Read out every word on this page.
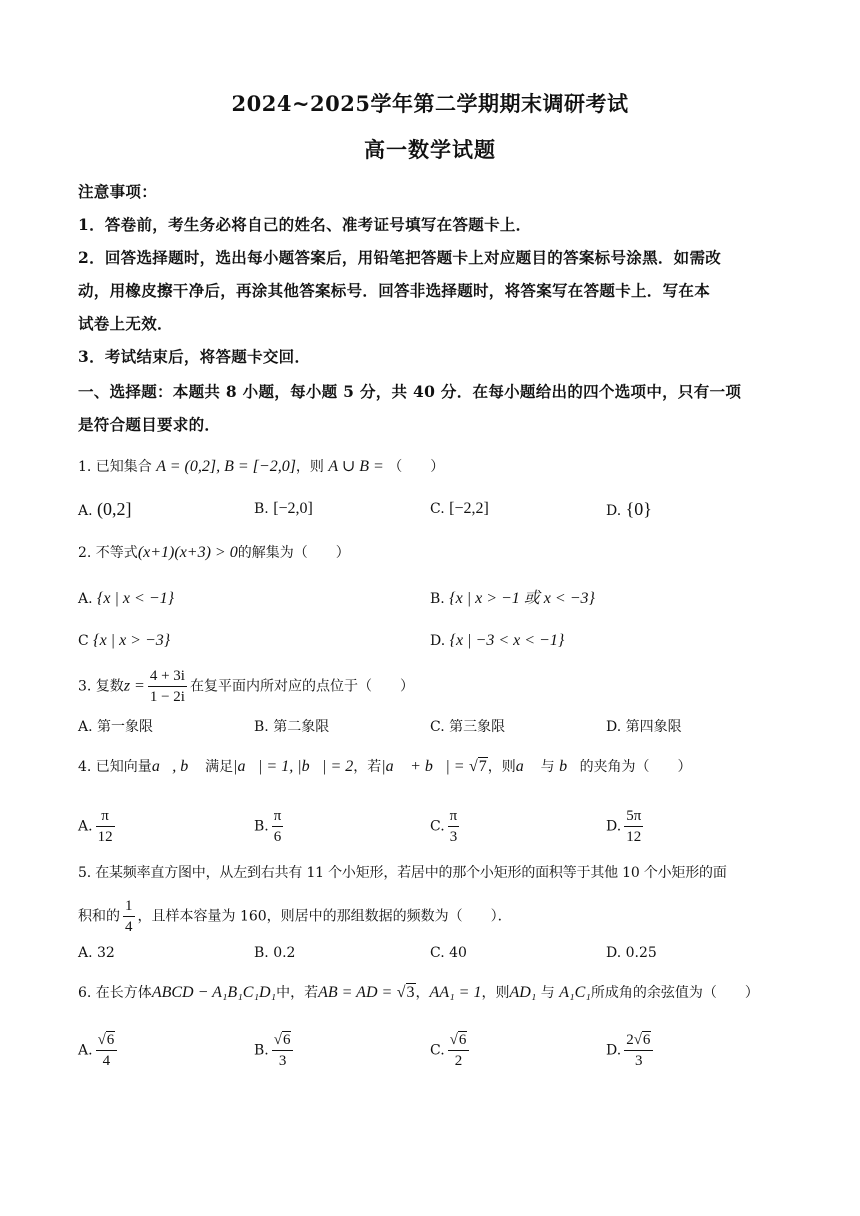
2024~2025学年第二学期期末调研考试
高一数学试题
注意事项：
1．答卷前，考生务必将自己的姓名、准考证号填写在答题卡上．
2．回答选择题时，选出每小题答案后，用铅笔把答题卡上对应题目的答案标号涂黑．如需改
动，用橡皮擦干净后，再涂其他答案标号．回答非选择题时，将答案写在答题卡上．写在本
试卷上无效．
3．考试结束后，将答题卡交回．
一、选择题：本题共 8 小题，每小题 5 分，共 40 分．在每小题给出的四个选项中，只有一项
是符合题目要求的．
1. 已知集合 A = (0,2], B = [−2,0]，则 A ∪ B = （　　）
A. (0,2]	B. [−2,0]	C. [−2,2]	D. {0}
2. 不等式(x+1)(x+3) > 0的解集为（　　）
A. {x | x < −1}	B. {x | x > −1 或 x < −3}
C {x | x > −3}	D. {x | −3 < x < −1}
3. 复数$z = \frac{4 + 3i}{1 - 2i}$ 在复平面内所对应的点位于（　　）
A. 第一象限	B. 第二象限	C. 第三象限	D. 第四象限
4. 已知向量a⃗, b⃗ 满足|a⃗| = 1, |b⃗| = 2，若|a⃗ + b⃗| = √7，则a⃗ 与 b⃗的夹角为（　　）
A. $\frac{\pi}{12}$	B. $\frac{\pi}{6}$	C. $\frac{\pi}{3}$	D. $\frac{5\pi}{12}$
5. 在某频率直方图中，从左到右共有 11 个小矩形，若居中的那个小矩形的面积等于其他 10 个小矩形的面
积和的 $\frac{1}{4}$ ，且样本容量为 160，则居中的那组数据的频数为（　　）．
A. 32	B. 0.2	C. 40	D. 0.25
6. 在长方体ABCD − A₁B₁C₁D₁中，若AB = AD = √3，AA₁ = 1，则AD₁ 与 A₁C₁所成角的余弦值为（　　）
A. $\frac{√6}{4}$	B. $\frac{√6}{3}$	C. $\frac{√6}{2}$	D. $\frac{2√6}{3}$
